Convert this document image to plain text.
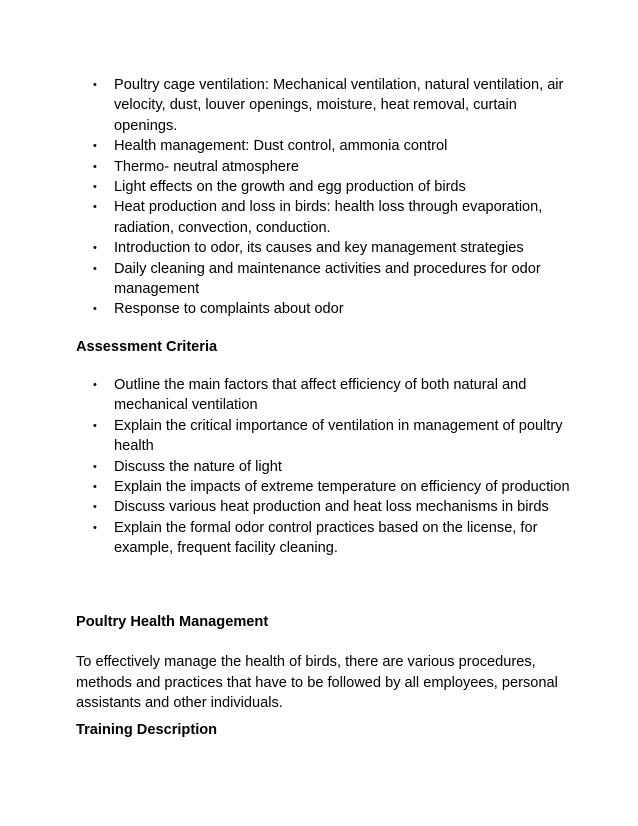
•	Poultry cage ventilation: Mechanical ventilation, natural ventilation, air velocity, dust, louver openings, moisture, heat removal, curtain openings.
•	Health management: Dust control, ammonia control
•	Thermo- neutral atmosphere
•	Light effects on the growth and egg production of birds
•	Heat production and loss in birds: health loss through evaporation, radiation, convection, conduction.
•	Introduction to odor, its causes and key management strategies
•	Daily cleaning and maintenance activities and procedures for odor management
•	Response to complaints about odor
Assessment Criteria
•	Outline the main factors that affect efficiency of both natural and mechanical ventilation
•	Explain the critical importance of ventilation in management of poultry health
•	Discuss the nature of light
•	Explain the impacts of extreme temperature on efficiency of production
•	Discuss various heat production and heat loss mechanisms in birds
•	Explain the formal odor control practices based on the license, for example, frequent facility cleaning.
Poultry Health Management
To effectively manage the health of birds, there are various procedures, methods and practices that have to be followed by all employees, personal assistants and other individuals.
Training Description
